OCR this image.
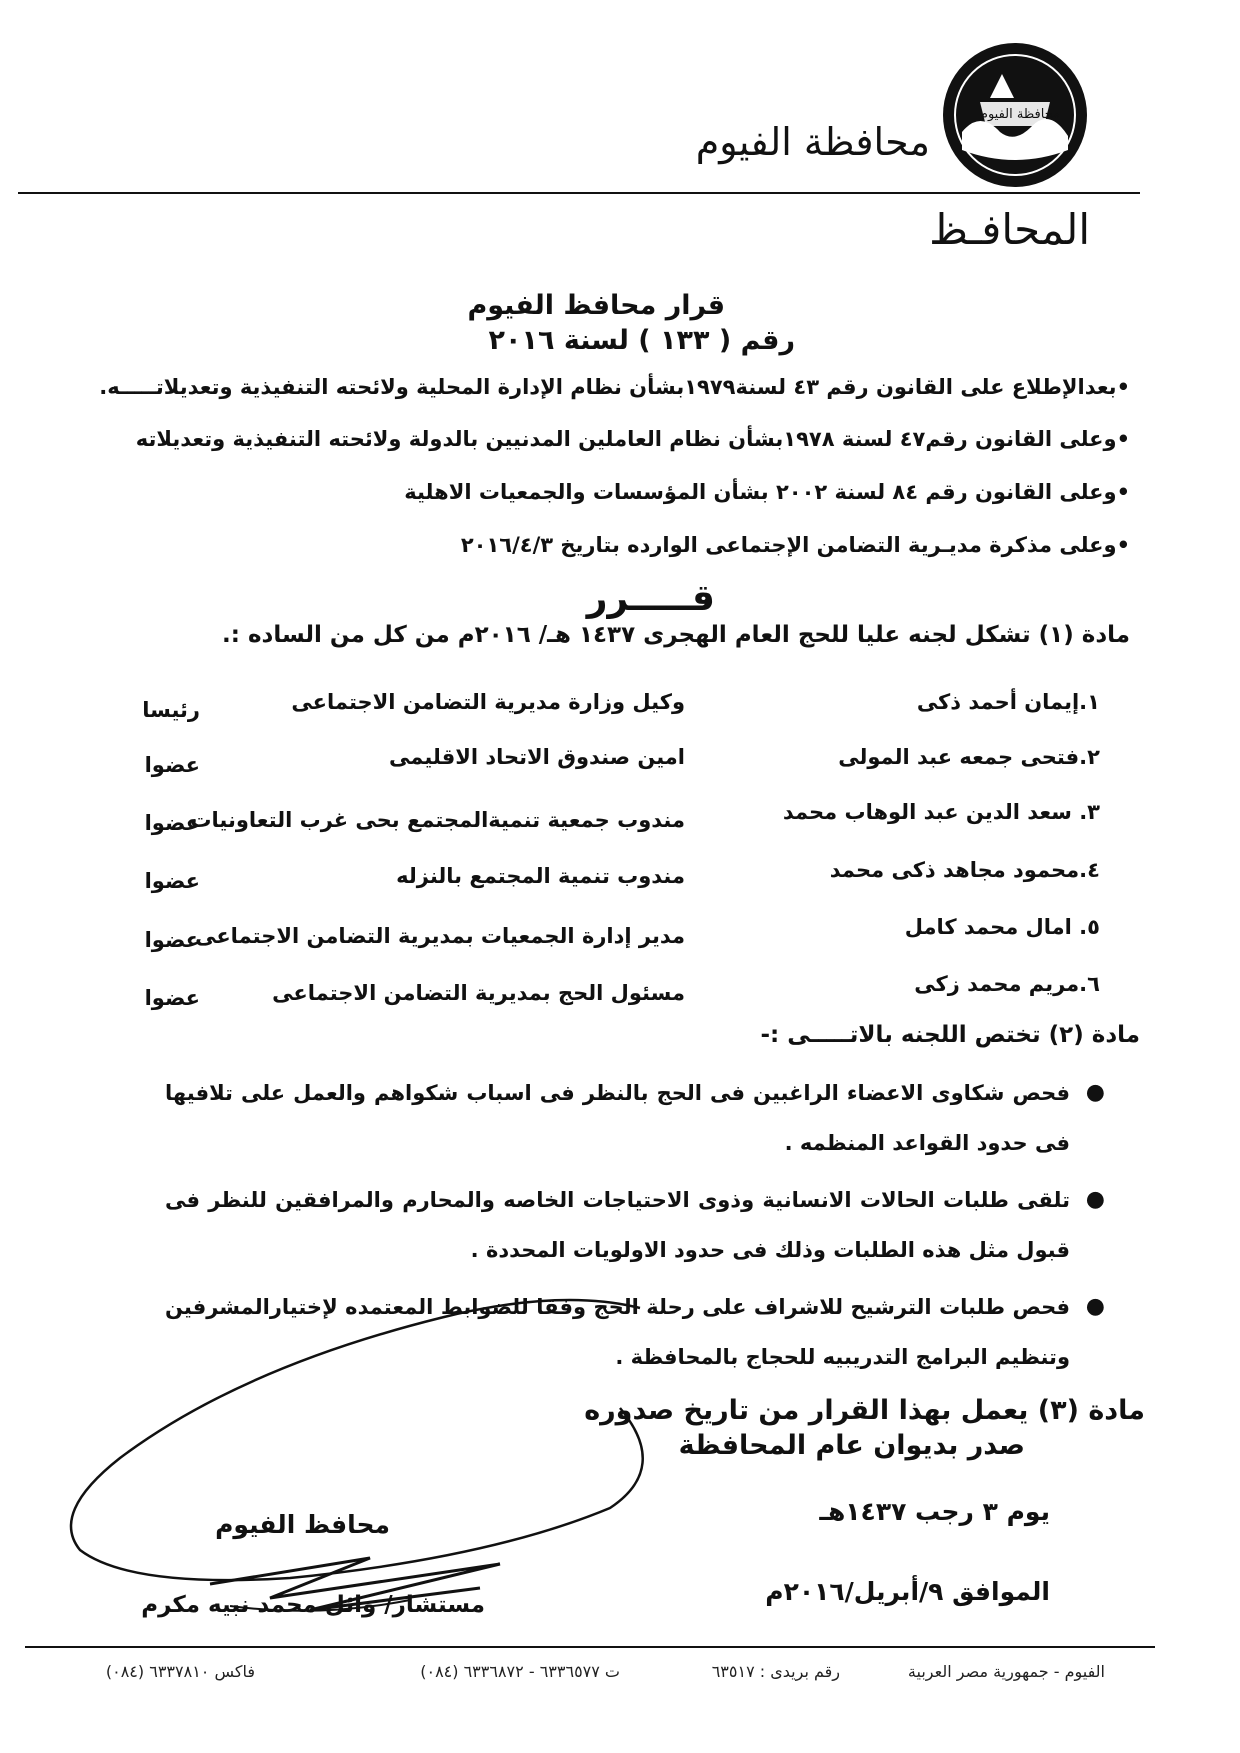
محافظة الفيوم
محافظة الفيوم
المحافـظ
قرار محافظ الفيوم
رقم ( ١٣٣ ) لسنة ٢٠١٦
•بعدالإطلاع على القانون رقم ٤٣ لسنة١٩٧٩بشأن نظام الإدارة المحلية ولائحته التنفيذية وتعديلاتـــــه.
•وعلى القانون رقم٤٧ لسنة ١٩٧٨بشأن نظام العاملين المدنيين بالدولة ولائحته التنفيذية وتعديلاته
•وعلى القانون رقم ٨٤ لسنة ٢٠٠٢ بشأن المؤسسات والجمعيات الاهلية
•وعلى مذكرة مديـرية التضامن الإجتماعى الوارده بتاريخ ٢٠١٦/٤/٣
قـــــرر
مادة (١) تشكل لجنه عليا للحج العام الهجرى ١٤٣٧ هـ/ ٢٠١٦م من كل من الساده :.
١.إيمان أحمد ذكى
وكيل وزارة مديرية التضامن الاجتماعى
رئيسا
٢.فتحى جمعه عبد المولى
امين صندوق الاتحاد الاقليمى
عضوا
٣. سعد الدين عبد الوهاب محمد
مندوب جمعية تنميةالمجتمع بحى غرب التعاونيات
عضوا
٤.محمود مجاهد ذكى محمد
مندوب تنمية المجتمع بالنزله
عضوا
٥. امال محمد كامل
مدير إدارة الجمعيات بمديرية التضامن الاجتماعى
عضوا
٦.مريم محمد زكى
مسئول الحج بمديرية التضامن الاجتماعى
عضوا
مادة (٢) تختص اللجنه بالاتـــــى :-
●
فحص شكاوى الاعضاء الراغبين فى الحج بالنظر فى اسباب شكواهم والعمل على تلافيها فى حدود القواعد المنظمه .
●
تلقى طلبات الحالات الانسانية وذوى الاحتياجات الخاصه والمحارم والمرافقين للنظر فى قبول مثل هذه الطلبات وذلك فى حدود الاولويات المحددة .
●
فحص طلبات الترشيح للاشراف على رحلة الحج وفقا للضوابط المعتمده لإختيارالمشرفين وتنظيم البرامج التدريبيه للحجاج بالمحافظة .
مادة (٣) يعمل بهذا القرار من تاريخ صدوره
صدر بديوان عام المحافظة
يوم ٣ رجب ١٤٣٧هـ
الموافق ٩/أبريل/٢٠١٦م
محافظ الفيوم
مستشار/ وائل محمد نبيه مكرم
الفيوم - جمهورية مصر العربية
رقم بريدى : ٦٣٥١٧
ت ٦٣٣٦٥٧٧ - ٦٣٣٦٨٧٢ (٠٨٤)
فاكس ٦٣٣٧٨١٠ (٠٨٤)
